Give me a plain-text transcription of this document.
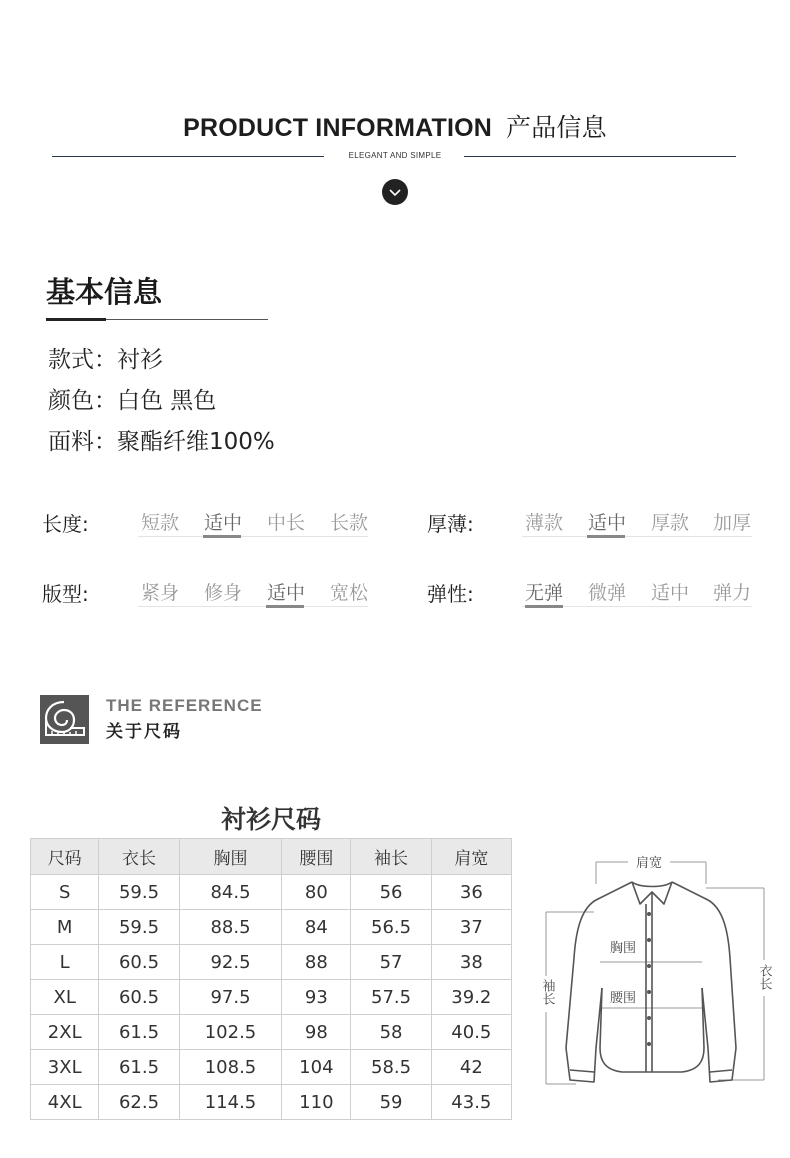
PRODUCT INFORMATION 产品信息
ELEGANT AND SIMPLE
基本信息
款式：衬衫
颜色：白色 黑色
面料：聚酯纤维100%
长度:	短款	适中	中长	长款	厚薄:	薄款	适中	厚款	加厚
版型:	紧身	修身	适中	宽松	弹性:	无弹	微弹	适中	弹力
THE REFERENCE
关于尺码
衬衫尺码
尺码	衣长	胸围	腰围	袖长	肩宽
S	59.5	84.5	80	56	36
M	59.5	88.5	84	56.5	37
L	60.5	92.5	88	57	38
XL	60.5	97.5	93	57.5	39.2
2XL	61.5	102.5	98	58	40.5
3XL	61.5	108.5	104	58.5	42
4XL	62.5	114.5	110	59	43.5
肩宽
胸围
腰围
袖长
衣长
